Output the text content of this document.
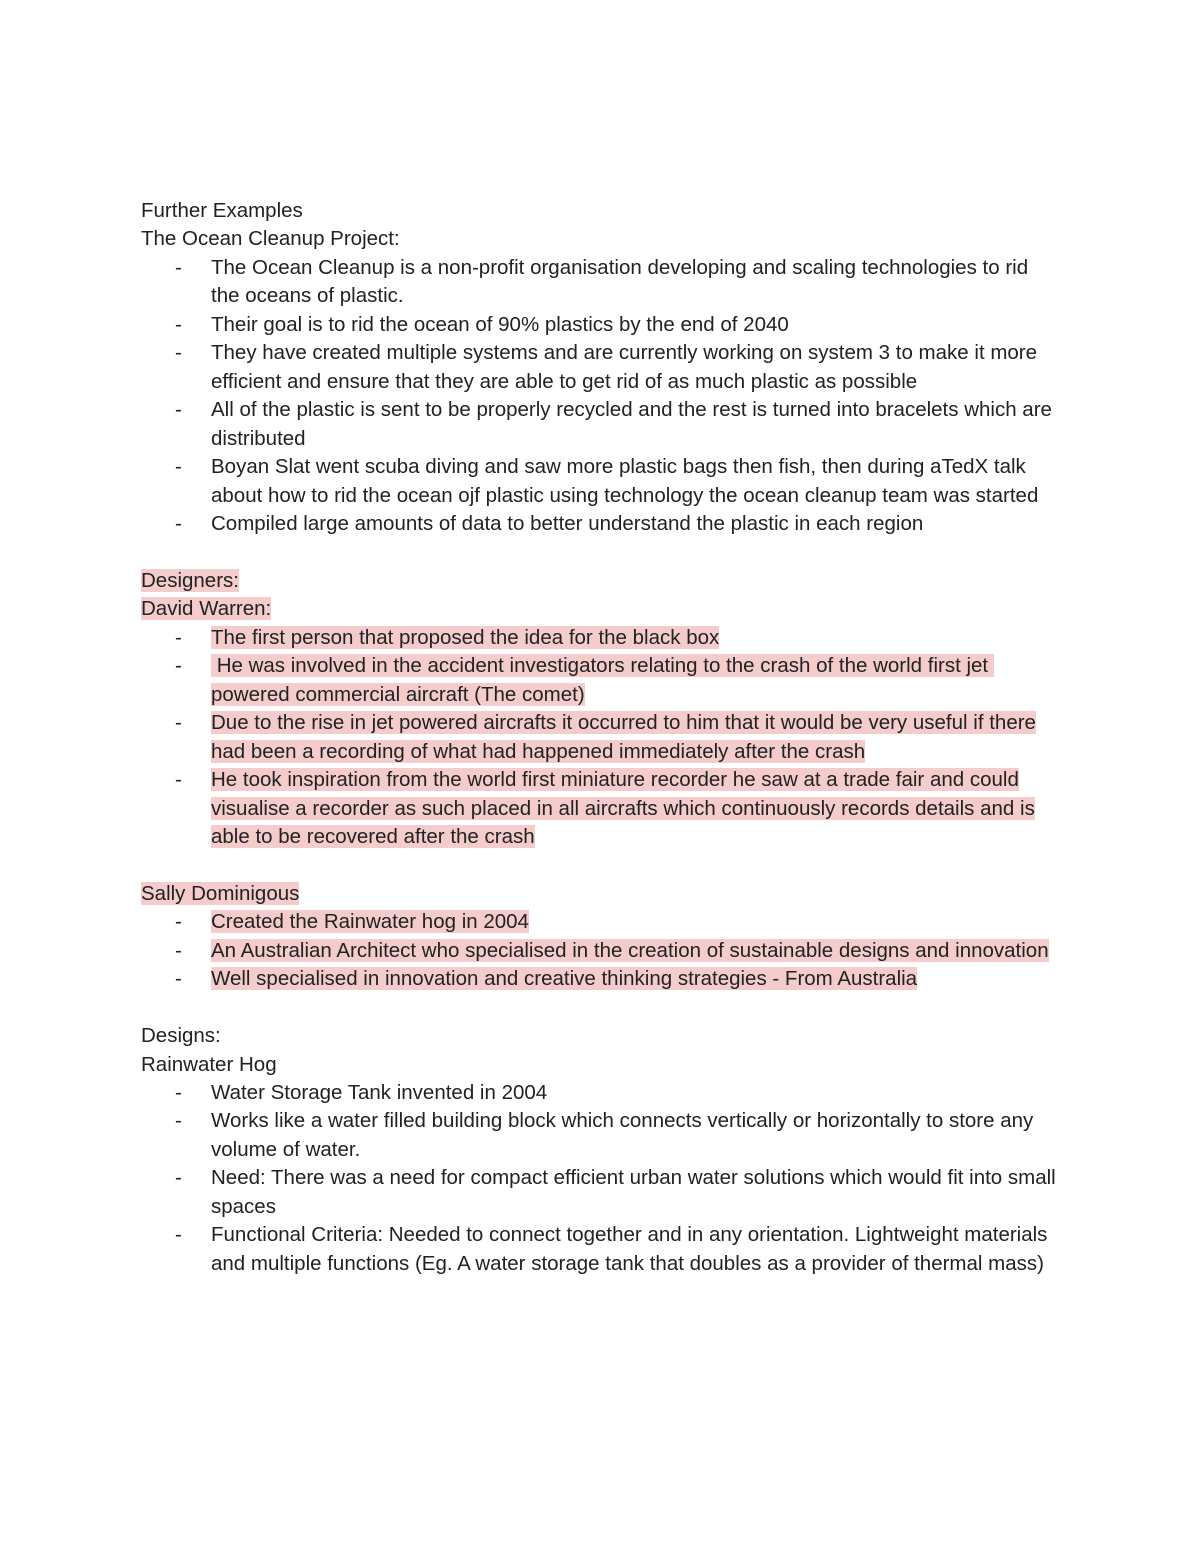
Further Examples
The Ocean Cleanup Project:
- The Ocean Cleanup is a non-profit organisation developing and scaling technologies to rid the oceans of plastic.
- Their goal is to rid the ocean of 90% plastics by the end of 2040
- They have created multiple systems and are currently working on system 3 to make it more efficient and ensure that they are able to get rid of as much plastic as possible
- All of the plastic is sent to be properly recycled and the rest is turned into bracelets which are distributed
- Boyan Slat went scuba diving and saw more plastic bags then fish, then during aTedX talk about how to rid the ocean ojf plastic using technology the ocean cleanup team was started
- Compiled large amounts of data to better understand the plastic in each region
Designers:
David Warren:
- The first person that proposed the idea for the black box
- He was involved in the accident investigators relating to the crash of the world first jet powered commercial aircraft (The comet)
- Due to the rise in jet powered aircrafts it occurred to him that it would be very useful if there had been a recording of what had happened immediately after the crash
- He took inspiration from the world first miniature recorder he saw at a trade fair and could visualise a recorder as such placed in all aircrafts which continuously records details and is able to be recovered after the crash
Sally Dominigous
- Created the Rainwater hog in 2004
- An Australian Architect who specialised in the creation of sustainable designs and innovation
- Well specialised in innovation and creative thinking strategies - From Australia
Designs:
Rainwater Hog
- Water Storage Tank invented in 2004
- Works like a water filled building block which connects vertically or horizontally to store any volume of water.
- Need: There was a need for compact efficient urban water solutions which would fit into small spaces
- Functional Criteria: Needed to connect together and in any orientation. Lightweight materials and multiple functions (Eg. A water storage tank that doubles as a provider of thermal mass)
